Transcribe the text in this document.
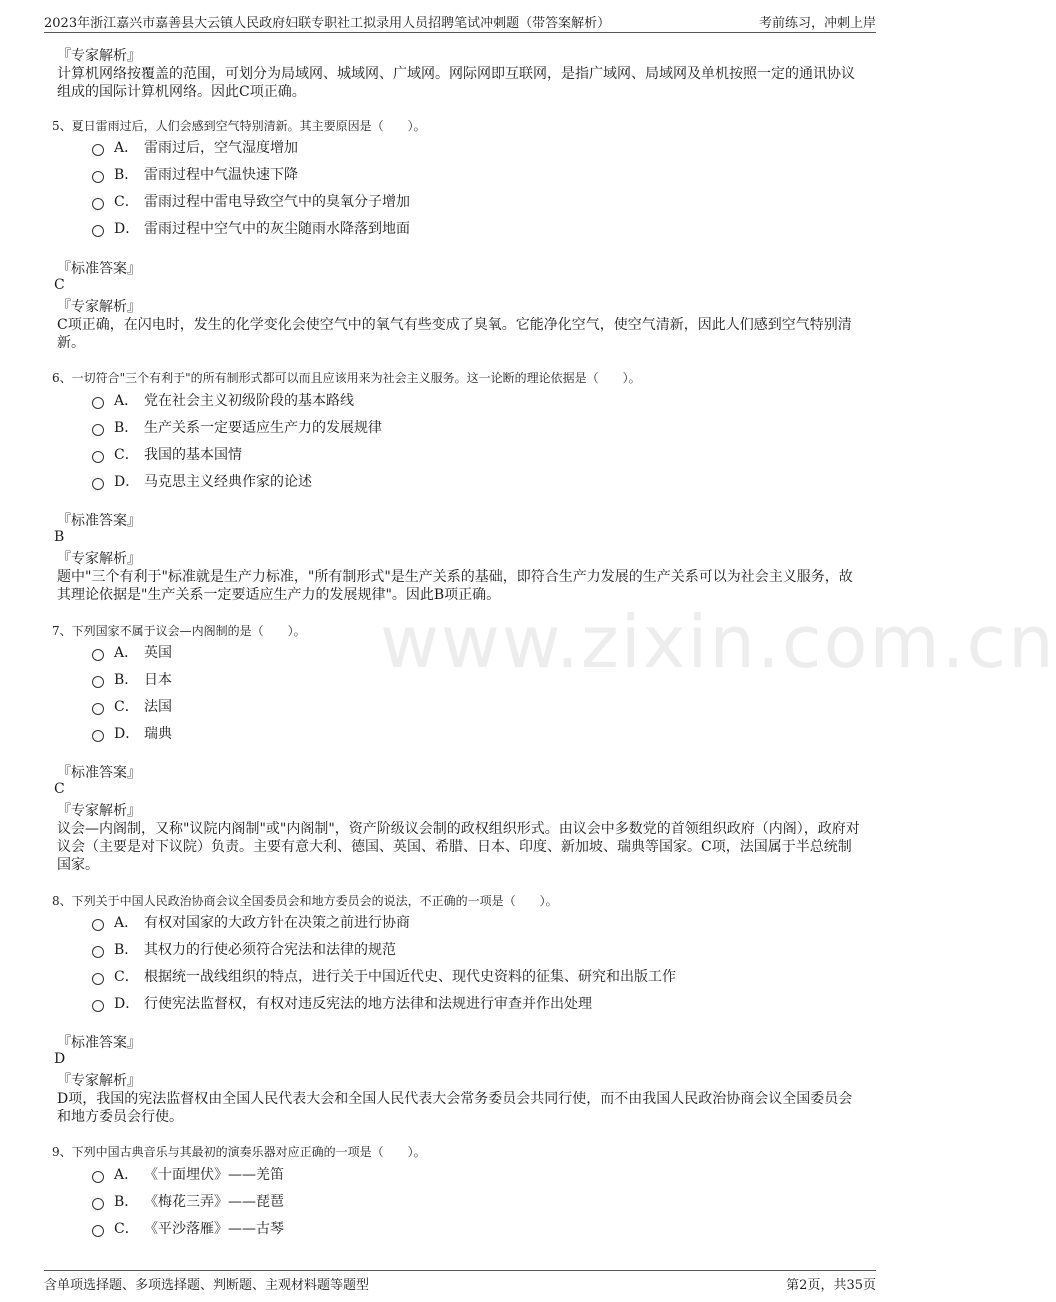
2023年浙江嘉兴市嘉善县大云镇人民政府妇联专职社工拟录用人员招聘笔试冲刺题（带答案解析）	考前练习，冲刺上岸
www.zixin.com.cn
『专家解析』
计算机网络按覆盖的范围，可划分为局域网、城域网、广域网。网际网即互联网，是指广域网、局域网及单机按照一定的通讯协议组成的国际计算机网络。因此C项正确。
5、夏日雷雨过后，人们会感到空气特别清新。其主要原因是（　　）。
A． 雷雨过后，空气湿度增加
B． 雷雨过程中气温快速下降
C． 雷雨过程中雷电导致空气中的臭氧分子增加
D． 雷雨过程中空气中的灰尘随雨水降落到地面
『标准答案』
C
『专家解析』
C项正确，在闪电时，发生的化学变化会使空气中的氧气有些变成了臭氧。它能净化空气，使空气清新，因此人们感到空气特别清新。
6、一切符合"三个有利于"的所有制形式都可以而且应该用来为社会主义服务。这一论断的理论依据是（　　）。
A． 党在社会主义初级阶段的基本路线
B． 生产关系一定要适应生产力的发展规律
C． 我国的基本国情
D． 马克思主义经典作家的论述
『标准答案』
B
『专家解析』
题中"三个有利于"标准就是生产力标准，"所有制形式"是生产关系的基础，即符合生产力发展的生产关系可以为社会主义服务，故其理论依据是"生产关系一定要适应生产力的发展规律"。因此B项正确。
7、下列国家不属于议会—内阁制的是（　　）。
A． 英国
B． 日本
C． 法国
D． 瑞典
『标准答案』
C
『专家解析』
议会—内阁制，又称"议院内阁制"或"内阁制"，资产阶级议会制的政权组织形式。由议会中多数党的首领组织政府（内阁），政府对议会（主要是对下议院）负责。主要有意大利、德国、英国、希腊、日本、印度、新加坡、瑞典等国家。C项，法国属于半总统制国家。
8、下列关于中国人民政治协商会议全国委员会和地方委员会的说法，不正确的一项是（　　）。
A． 有权对国家的大政方针在决策之前进行协商
B． 其权力的行使必须符合宪法和法律的规范
C． 根据统一战线组织的特点，进行关于中国近代史、现代史资料的征集、研究和出版工作
D． 行使宪法监督权，有权对违反宪法的地方法律和法规进行审查并作出处理
『标准答案』
D
『专家解析』
D项，我国的宪法监督权由全国人民代表大会和全国人民代表大会常务委员会共同行使，而不由我国人民政治协商会议全国委员会和地方委员会行使。
9、下列中国古典音乐与其最初的演奏乐器对应正确的一项是（　　）。
A． 《十面埋伏》——羌笛
B． 《梅花三弄》——琵琶
C． 《平沙落雁》——古琴
含单项选择题、多项选择题、判断题、主观材料题等题型	第2页，共35页
